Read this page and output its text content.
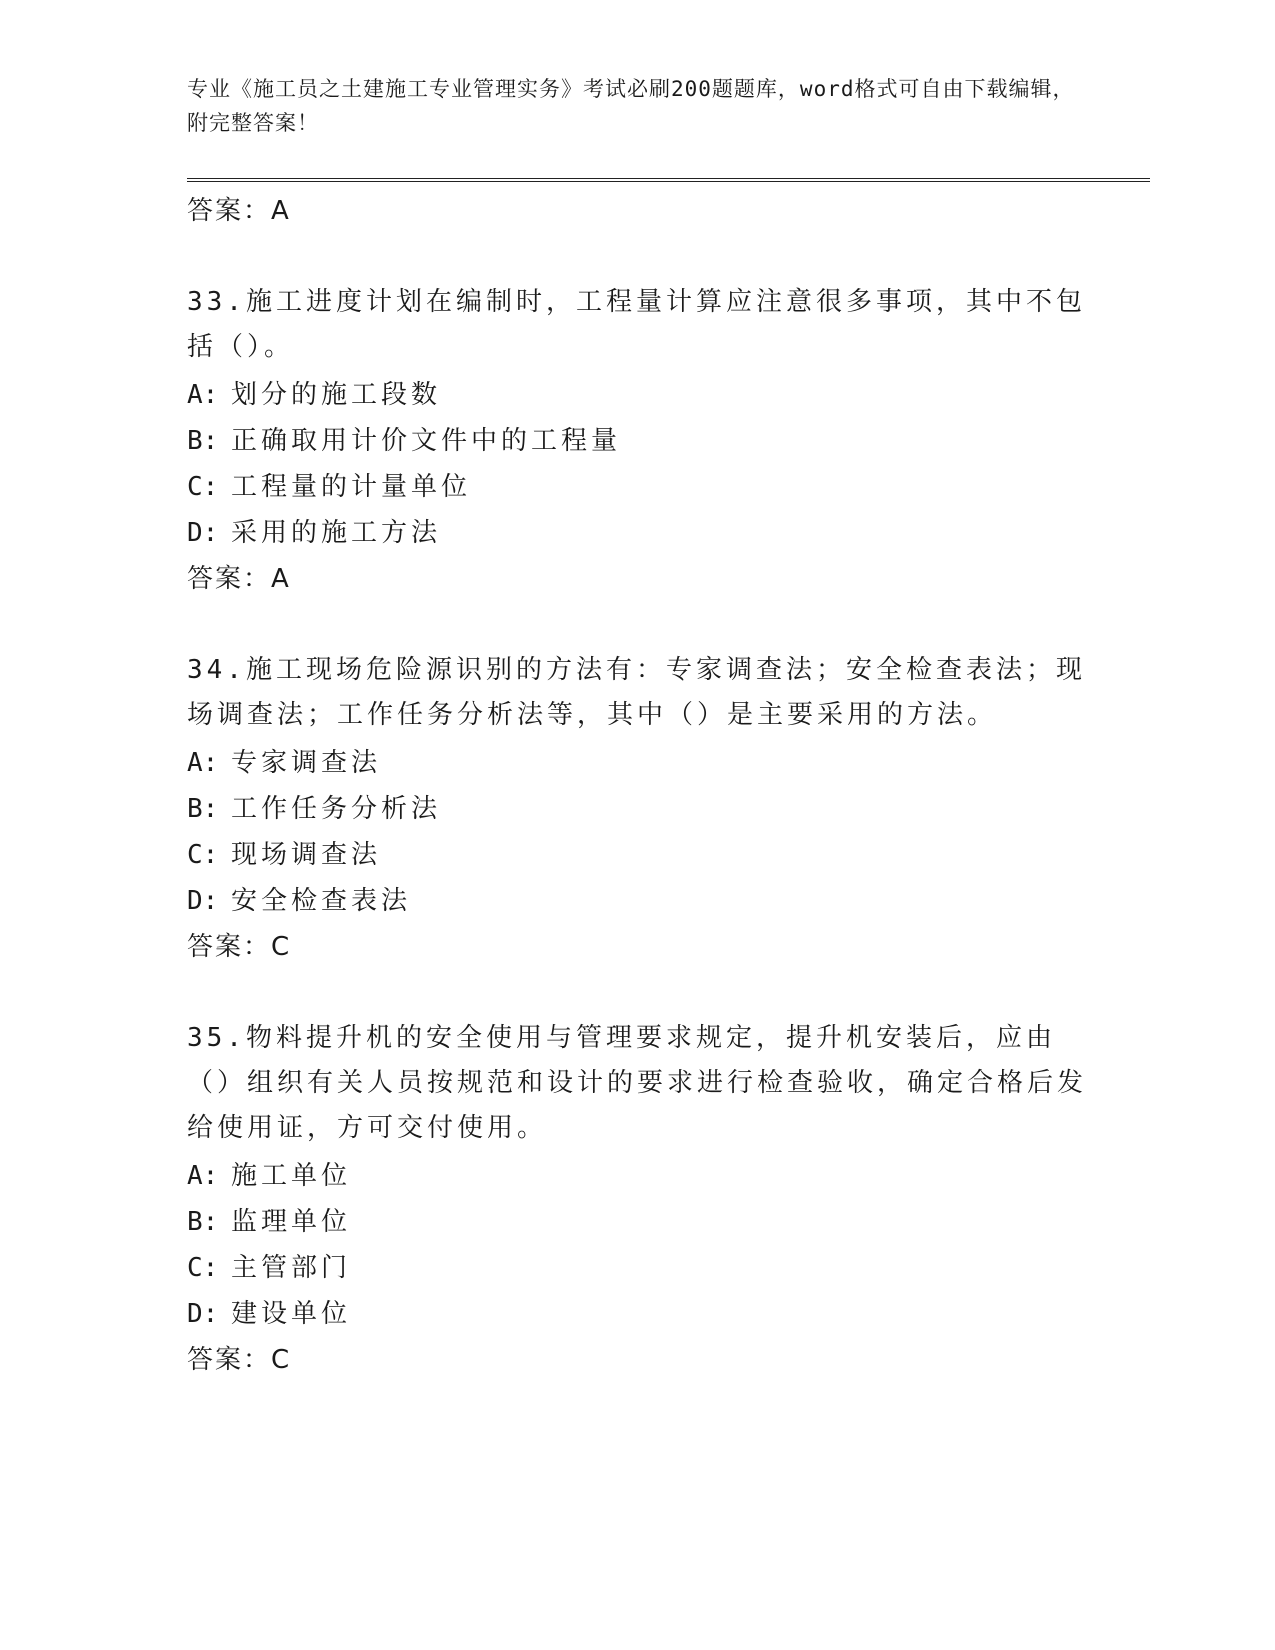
专业《施工员之土建施工专业管理实务》考试必刷200题题库，word格式可自由下载编辑，附完整答案！
答案：A

33.施工进度计划在编制时，工程量计算应注意很多事项，其中不包括（）。

A: 划分的施工段数
B: 正确取用计价文件中的工程量
C: 工程量的计量单位
D: 采用的施工方法
答案：A

34.施工现场危险源识别的方法有：专家调查法；安全检查表法；现场调查法；工作任务分析法等，其中（）是主要采用的方法。

A: 专家调查法
B: 工作任务分析法
C: 现场调查法
D: 安全检查表法
答案：C

35.物料提升机的安全使用与管理要求规定，提升机安装后，应由（）组织有关人员按规范和设计的要求进行检查验收，确定合格后发给使用证，方可交付使用。

A: 施工单位
B: 监理单位
C: 主管部门
D: 建设单位
答案：C
